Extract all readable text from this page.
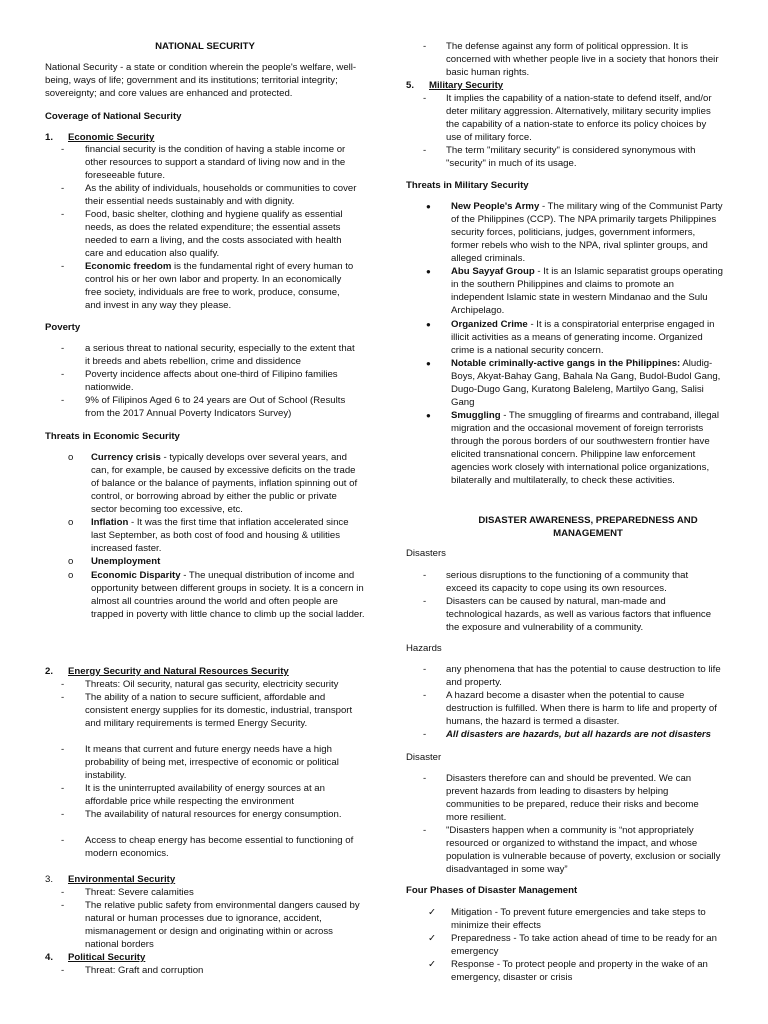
NATIONAL SECURITY
National Security - a state or condition wherein the people's welfare, well-being, ways of life; government and its institutions; territorial integrity; sovereignty; and core values are enhanced and protected.
Coverage of National Security
1. Economic Security
- financial security is the condition of having a stable income or other resources to support a standard of living now and in the foreseeable future.
- As the ability of individuals, households or communities to cover their essential needs sustainably and with dignity.
- Food, basic shelter, clothing and hygiene qualify as essential needs, as does the related expenditure; the essential assets needed to earn a living, and the costs associated with health care and education also qualify.
- Economic freedom is the fundamental right of every human to control his or her own labor and property. In an economically free society, individuals are free to work, produce, consume, and invest in any way they please.
Poverty
- a serious threat to national security, especially to the extent that it breeds and abets rebellion, crime and dissidence
- Poverty incidence affects about one-third of Filipino families nationwide.
- 9% of Filipinos Aged 6 to 24 years are Out of School (Results from the 2017 Annual Poverty Indicators Survey)
Threats in Economic Security
o Currency crisis - typically develops over several years, and can, for example, be caused by excessive deficits on the trade of balance or the balance of payments, inflation spinning out of control, or borrowing abroad by either the public or private sector becoming too excessive, etc.
o Inflation - It was the first time that inflation accelerated since last September, as both cost of food and housing & utilities increased faster.
o Unemployment
o Economic Disparity - The unequal distribution of income and opportunity between different groups in society. It is a concern in almost all countries around the world and often people are trapped in poverty with little chance to climb up the social ladder.
2. Energy Security and Natural Resources Security
- Threats: Oil security, natural gas security, electricity security
- The ability of a nation to secure sufficient, affordable and consistent energy supplies for its domestic, industrial, transport and military requirements is termed Energy Security.
- It means that current and future energy needs have a high probability of being met, irrespective of economic or political instability.
- It is the uninterrupted availability of energy sources at an affordable price while respecting the environment
- The availability of natural resources for energy consumption.
- Access to cheap energy has become essential to functioning of modern economics.
3. Environmental Security
- Threat: Severe calamities
- The relative public safety from environmental dangers caused by natural or human processes due to ignorance, accident, mismanagement or design and originating within or across national borders
4. Political Security
- Threat: Graft and corruption
- The defense against any form of political oppression. It is concerned with whether people live in a society that honors their basic human rights.
5. Military Security
- It implies the capability of a nation-state to defend itself, and/or deter military aggression. Alternatively, military security implies the capability of a nation-state to enforce its policy choices by use of military force.
- The term "military security" is considered synonymous with "security" in much of its usage.
Threats in Military Security
● New People's Army - The military wing of the Communist Party of the Philippines (CCP). The NPA primarily targets Philippines security forces, politicians, judges, government informers, former rebels who wish to the NPA, rival splinter groups, and alleged criminals.
● Abu Sayyaf Group - It is an Islamic separatist groups operating in the southern Philippines and claims to promote an independent Islamic state in western Mindanao and the Sulu Archipelago.
● Organized Crime - It is a conspiratorial enterprise engaged in illicit activities as a means of generating income. Organized crime is a national security concern.
● Notable criminally-active gangs in the Philippines: Aludig-Boys, Akyat-Bahay Gang, Bahala Na Gang, Budol-Budol Gang, Dugo-Dugo Gang, Kuratong Baleleng, Martilyo Gang, Salisi Gang
● Smuggling - The smuggling of firearms and contraband, illegal migration and the occasional movement of foreign terrorists through the porous borders of our southwestern frontier have elicited transnational concern. Philippine law enforcement agencies work closely with international police organizations, bilaterally and multilaterally, to check these activities.
DISASTER AWARENESS, PREPAREDNESS AND MANAGEMENT
Disasters
- serious disruptions to the functioning of a community that exceed its capacity to cope using its own resources.
- Disasters can be caused by natural, man-made and technological hazards, as well as various factors that influence the exposure and vulnerability of a community.
Hazards
- any phenomena that has the potential to cause destruction to life and property.
- A hazard become a disaster when the potential to cause destruction is fulfilled. When there is harm to life and property of humans, the hazard is termed a disaster.
- All disasters are hazards, but all hazards are not disasters
Disaster
- Disasters therefore can and should be prevented. We can prevent hazards from leading to disasters by helping communities to be prepared, reduce their risks and become more resilient.
- "Disasters happen when a community is “not appropriately resourced or organized to withstand the impact, and whose population is vulnerable because of poverty, exclusion or socially disadvantaged in some way”
Four Phases of Disaster Management
✓ Mitigation - To prevent future emergencies and take steps to minimize their effects
✓ Preparedness - To take action ahead of time to be ready for an emergency
✓ Response - To protect people and property in the wake of an emergency, disaster or crisis
